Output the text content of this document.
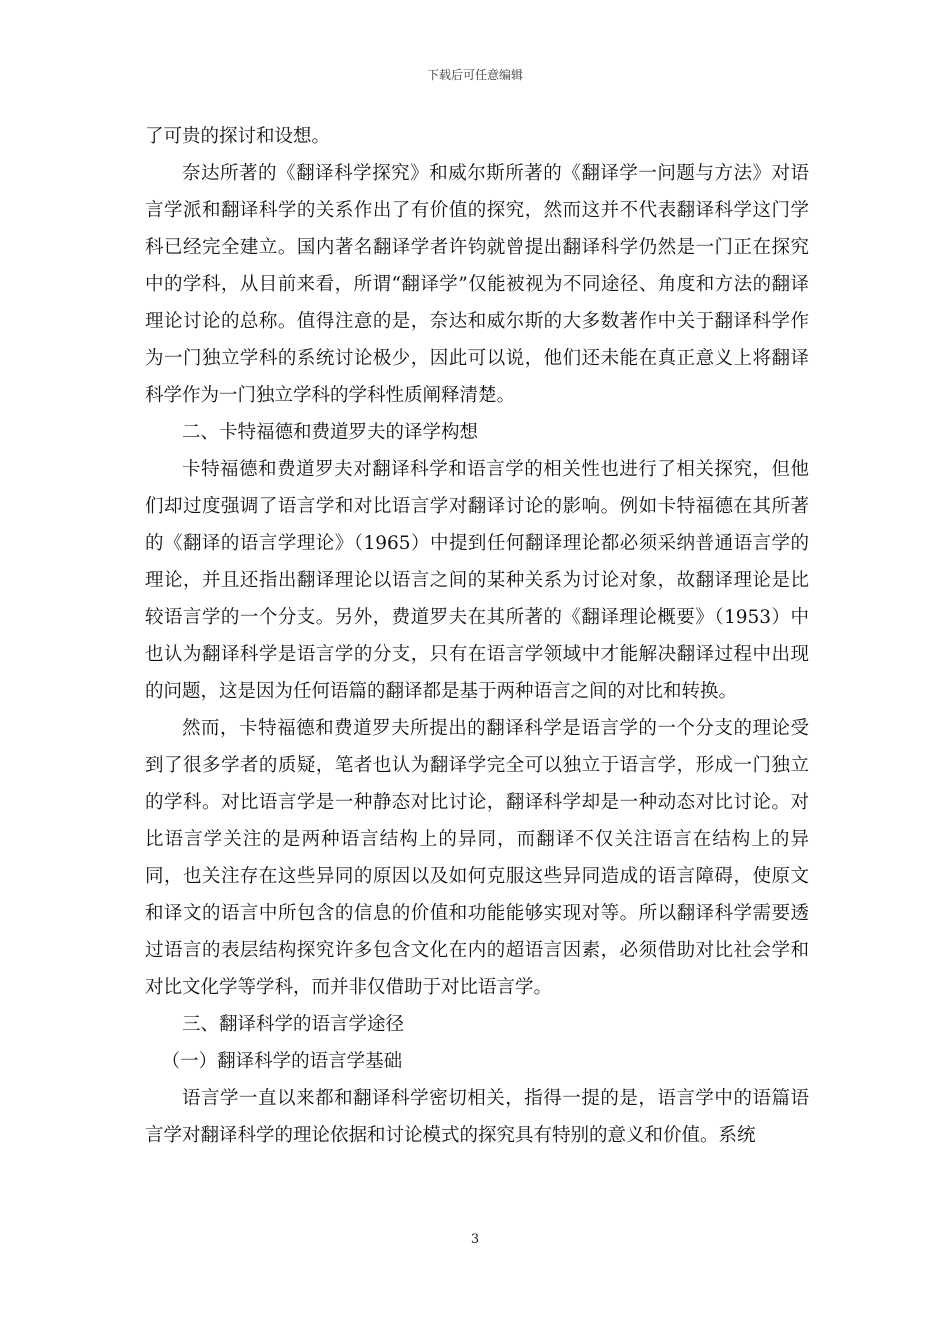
下载后可任意编辑

了可贵的探讨和设想。

奈达所著的《翻译科学探究》和威尔斯所著的《翻译学一问题与方法》对语言学派和翻译科学的关系作出了有价值的探究，然而这并不代表翻译科学这门学科已经完全建立。国内著名翻译学者许钧就曾提出翻译科学仍然是一门正在探究中的学科，从目前来看，所谓“翻译学”仅能被视为不同途径、角度和方法的翻译理论讨论的总称。值得注意的是，奈达和威尔斯的大多数著作中关于翻译科学作为一门独立学科的系统讨论极少，因此可以说，他们还未能在真正意义上将翻译科学作为一门独立学科的学科性质阐释清楚。

二、卡特福德和费道罗夫的译学构想

卡特福德和费道罗夫对翻译科学和语言学的相关性也进行了相关探究，但他们却过度强调了语言学和对比语言学对翻译讨论的影响。例如卡特福德在其所著的《翻译的语言学理论》（1965）中提到任何翻译理论都必须采纳普通语言学的理论，并且还指出翻译理论以语言之间的某种关系为讨论对象，故翻译理论是比较语言学的一个分支。另外，费道罗夫在其所著的《翻译理论概要》（1953）中也认为翻译科学是语言学的分支，只有在语言学领域中才能解决翻译过程中出现的问题，这是因为任何语篇的翻译都是基于两种语言之间的对比和转换。

然而，卡特福德和费道罗夫所提出的翻译科学是语言学的一个分支的理论受到了很多学者的质疑，笔者也认为翻译学完全可以独立于语言学，形成一门独立的学科。对比语言学是一种静态对比讨论，翻译科学却是一种动态对比讨论。对比语言学关注的是两种语言结构上的异同，而翻译不仅关注语言在结构上的异同，也关注存在这些异同的原因以及如何克服这些异同造成的语言障碍，使原文和译文的语言中所包含的信息的价值和功能能够实现对等。所以翻译科学需要透过语言的表层结构探究许多包含文化在内的超语言因素，必须借助对比社会学和对比文化学等学科，而并非仅借助于对比语言学。

三、翻译科学的语言学途径

（一）翻译科学的语言学基础

语言学一直以来都和翻译科学密切相关，指得一提的是，语言学中的语篇语言学对翻译科学的理论依据和讨论模式的探究具有特别的意义和价值。系统

3
